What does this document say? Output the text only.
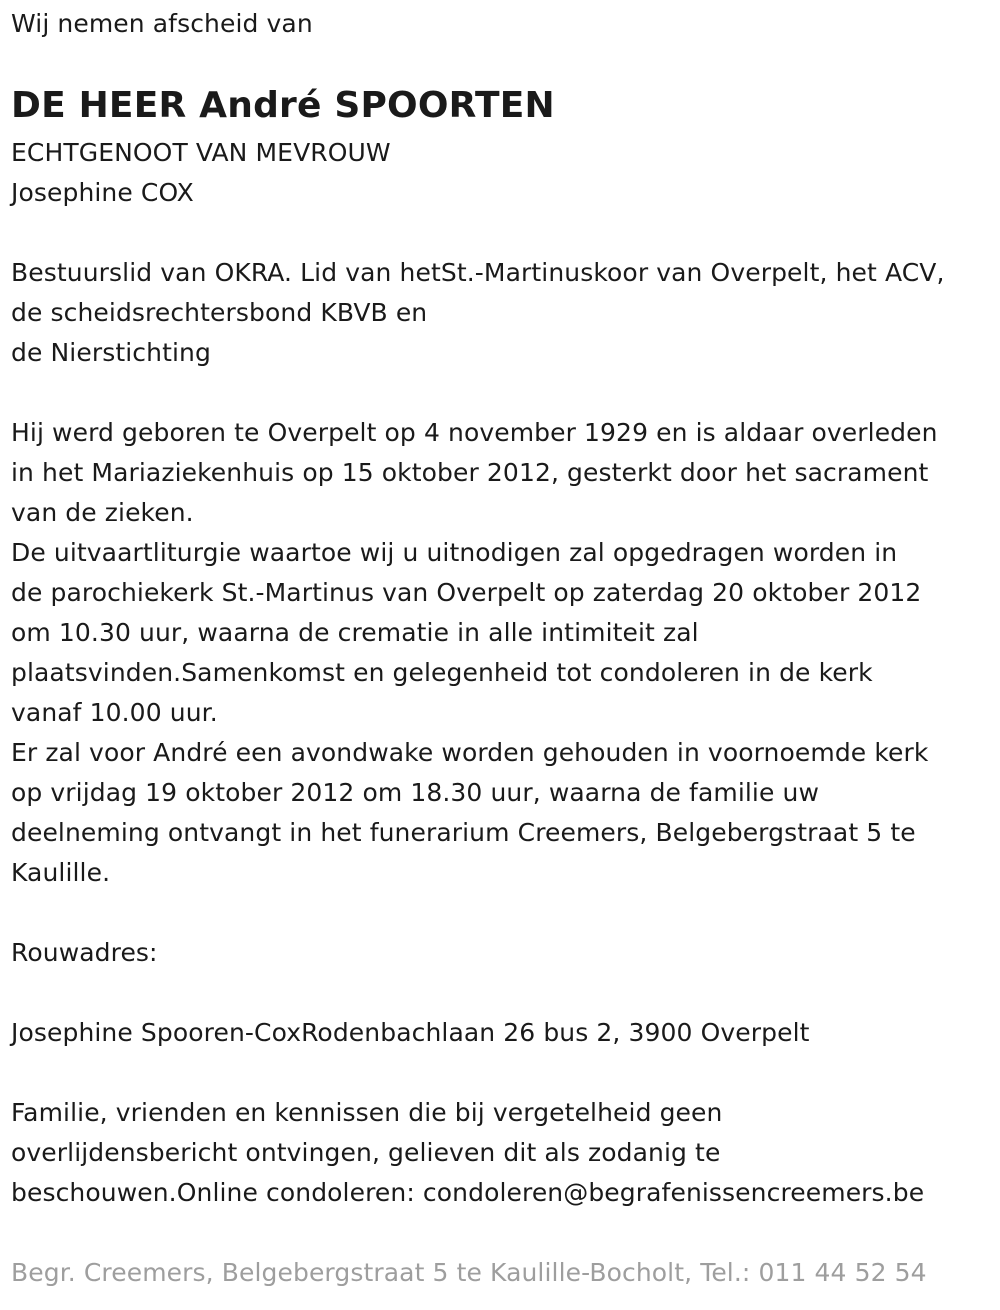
Wij nemen afscheid van
DE HEER André SPOORTEN
ECHTGENOOT VAN MEVROUW
Josephine COX
Bestuurslid van OKRA. Lid van hetSt.-Martinuskoor van Overpelt, het ACV,
de scheidsrechtersbond KBVB en
de Nierstichting
Hij werd geboren te Overpelt op 4 november 1929 en is aldaar overleden
in het Mariaziekenhuis op 15 oktober 2012, gesterkt door het sacrament
van de zieken.
De uitvaartliturgie waartoe wij u uitnodigen zal opgedragen worden in
de parochiekerk St.-Martinus van Overpelt op zaterdag 20 oktober 2012
om 10.30 uur, waarna de crematie in alle intimiteit zal
plaatsvinden.Samenkomst en gelegenheid tot condoleren in de kerk
vanaf 10.00 uur.
Er zal voor André een avondwake worden gehouden in voornoemde kerk
op vrijdag 19 oktober 2012 om 18.30 uur, waarna de familie uw
deelneming ontvangt in het funerarium Creemers, Belgebergstraat 5 te
Kaulille.
Rouwadres:
Josephine Spooren-CoxRodenbachlaan 26 bus 2, 3900 Overpelt
Familie, vrienden en kennissen die bij vergetelheid geen
overlijdensbericht ontvingen, gelieven dit als zodanig te
beschouwen.Online condoleren: condoleren@begrafenissencreemers.be
Begr. Creemers, Belgebergstraat 5 te Kaulille-Bocholt, Tel.: 011 44 52 54
